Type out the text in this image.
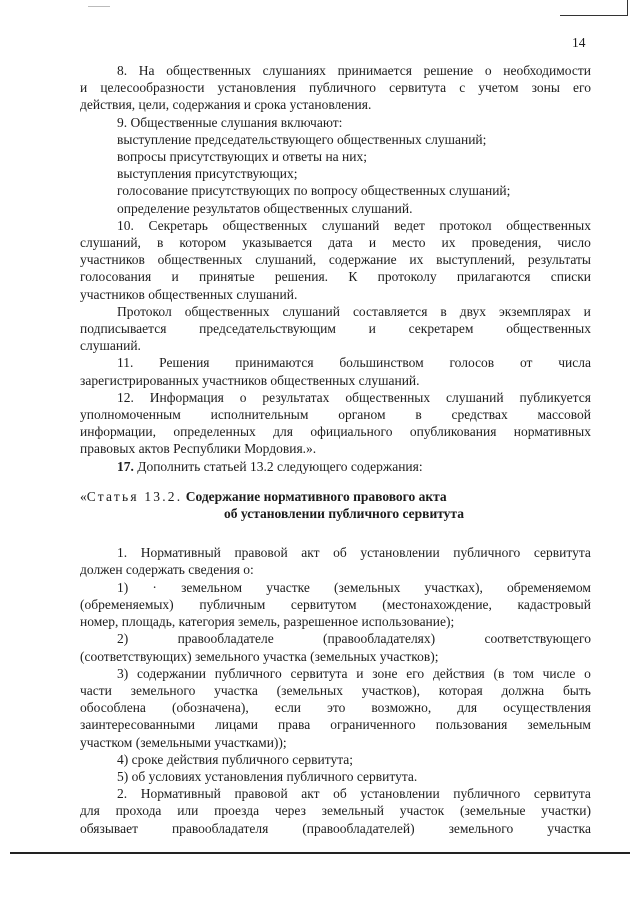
14
8. На общественных слушаниях принимается решение о необходимости
и целесообразности установления публичного сервитута с учетом зоны его
действия, цели, содержания и срока установления.
9. Общественные слушания включают:
выступление председательствующего общественных слушаний;
вопросы присутствующих и ответы на них;
выступления присутствующих;
голосование присутствующих по вопросу общественных слушаний;
определение результатов общественных слушаний.
10. Секретарь общественных слушаний ведет протокол общественных
слушаний, в котором указывается дата и место их проведения, число
участников общественных слушаний, содержание их выступлений, результаты
голосования и принятые решения. К протоколу прилагаются списки
участников общественных слушаний.
Протокол общественных слушаний составляется в двух экземплярах и
подписывается председательствующим и секретарем общественных
слушаний.
11. Решения принимаются большинством голосов от числа
зарегистрированных участников общественных слушаний.
12. Информация о результатах общественных слушаний публикуется
уполномоченным исполнительным органом в средствах массовой
информации, определенных для официального опубликования нормативных
правовых актов Республики Мордовия.».
17. Дополнить статьей 13.2 следующего содержания:
«Статья 13.2. Содержание нормативного правового акта
об установлении публичного сервитута
1. Нормативный правовой акт об установлении публичного сервитута
должен содержать сведения о:
1) · земельном участке (земельных участках), обременяемом
(обременяемых) публичным сервитутом (местонахождение, кадастровый
номер, площадь, категория земель, разрешенное использование);
2)	правообладателе	(правообладателях)	соответствующего
(соответствующих) земельного участка (земельных участков);
3) содержании публичного сервитута и зоне его действия (в том числе о
части земельного участка (земельных участков), которая должна быть
обособлена (обозначена), если это возможно, для осуществления
заинтересованными лицами права ограниченного пользования земельным
участком (земельными участками));
4) сроке действия публичного сервитута;
5) об условиях установления публичного сервитута.
2. Нормативный правовой акт об установлении публичного сервитута
для прохода или проезда через земельный участок (земельные участки)
обязывает	правообладателя	(правообладателей)	земельного	участка
